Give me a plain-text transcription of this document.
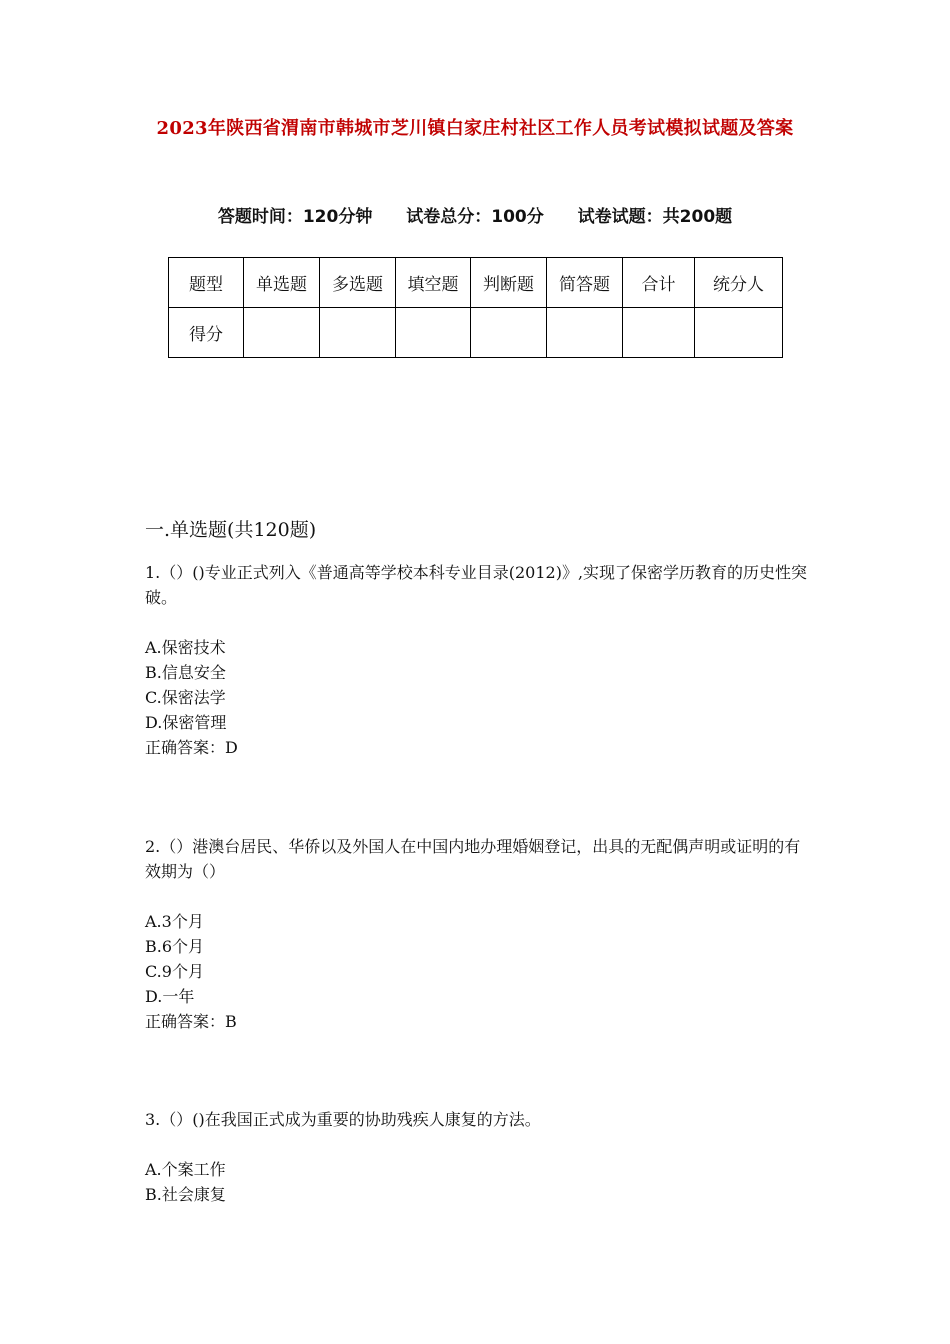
2023年陕西省渭南市韩城市芝川镇白家庄村社区工作人员考试模拟试题及答案
答题时间：120分钟 试卷总分：100分 试卷试题：共200题
题型	单选题	多选题	填空题	判断题	简答题	合计	统分人
得分							
一.单选题(共120题)

1.（）()专业正式列入《普通高等学校本科专业目录(2012)》,实现了保密学历教育的历史性突破。

A.保密技术

B.信息安全

C.保密法学

D.保密管理

正确答案：D

2.（）港澳台居民、华侨以及外国人在中国内地办理婚姻登记，出具的无配偶声明或证明的有效期为（）

A.3个月

B.6个月

C.9个月

D.一年

正确答案：B

3.（）()在我国正式成为重要的协助残疾人康复的方法。

A.个案工作

B.社会康复
